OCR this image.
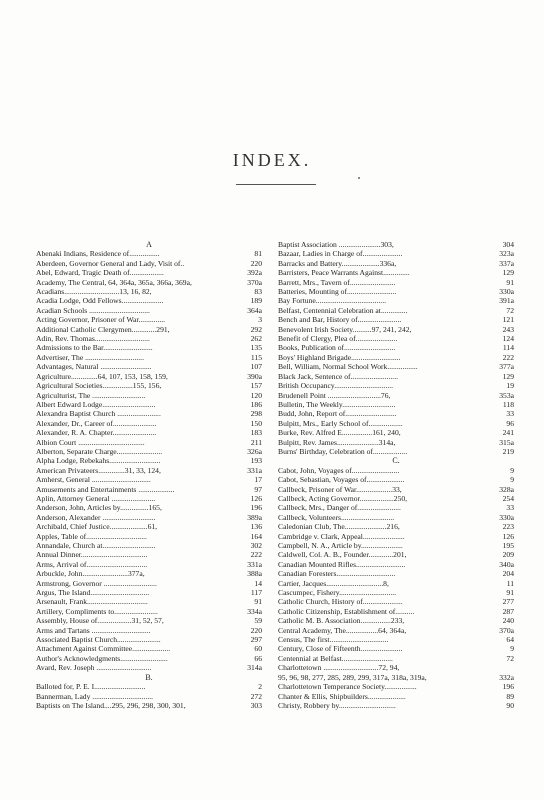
INDEX.
A
Abenaki Indians, Residence of................	81
Aberdeen, Governor General and Lady, Visit of..	220
Abel, Edward, Tragic Death of..................	392a
Academy, The Central, 64, 364a, 365a, 366a, 369a,	370a
Acadians.............................13, 16, 82,	83
Acadia Lodge, Odd Fellows......................	189
Acadian Schools ................................	364a
Acting Governor, Prisoner of War..............	3
Additional Catholic Clergymen.............291,	292
Adin, Rev. Thomas.............................	262
Admissions to the Bar..........................	135
Advertiser, The ...............................	115
Advantages, Natural ...........................	107
Agriculture..............64, 107, 153, 158, 159,	390a
Agricultural Societies................155, 156,	157
Agriculturist, The ............................	120
Albert Edward Lodge............................	186
Alexandra Baptist Church .......................	298
Alexander, Dr., Career of.......................	150
Alexander, R. A. Chapter.......................	183
Albion Court ...................................	211
Alberton, Separate Charge........................	326a
Alpha Lodge, Rebekahs...........................	193
American Privateers..............31, 33, 124,	331a
Amherst, General ...............................	17
Amusements and Entertainments ...................	97
Aplin, Attorney General .......................	126
Anderson, John, Articles by...............165,	196
Anderson, Alexander ............................	389a
Archibald, Chief Justice....................61,	136
Apples, Table of................................	164
Annandale, Church at............................	302
Annual Dinner...................................	222
Arms, Arrival of................................	331a
Arbuckle, John........................377a,	388a
Armstrong, Governor ............................	14
Argus, The Island...............................	117
Arsenault, Frank................................	91
Artillery, Compliments to.......................	334a
Assembly, House of..................31, 52, 57,	59
Arms and Tartans ...............................	220
Associated Baptist Church.......................	297
Attachment Against Committee....................	60
Author's Acknowledgments.........................	66
Avard, Rev. Joseph .............................	314a
B.
Balloted for, P. E. I...........................	2
Bannerman, Lady ................................	272
Baptists on The Island....295, 296, 298, 300, 301,	303
Baptist Association ......................303,	304
Bazaar, Ladies in Charge of.....................	323a
Barracks and Battery....................336a,	337a
Barristers, Peace Warrants Against..............	129
Barrett, Mrs., Tavern of........................	91
Batteries, Mounting of..........................	330a
Bay Fortune.....................................	391a
Belfast, Centennial Celebration at..............	72
Bench and Bar, History of.......................	121
Benevolent Irish Society..........97, 241, 242,	243
Benefit of Clergy, Plea of......................	124
Books, Publication of...........................	114
Boys' Highland Brigade..........................	222
Bell, William, Normal School Work................	377a
Black Jack, Sentence of.........................	129
British Occupancy...............................	19
Brudenell Point ............................76,	353a
Bulletin, The Weekly............................	118
Budd, John, Report of...........................	33
Bulpitt, Mrs., Early School of..................	96
Burke, Rev. Alfred E................161, 240,	241
Bulpitt, Rev. James......................314a,	315a
Burns' Birthday, Celebration of..................	219
C.
Cabot, John, Voyages of.........................	9
Cabot, Sebastian, Voyages of....................	9
Callbeck, Prisoner of War...................33,	328a
Callbeck, Acting Governor..................250,	254
Callbeck, Mrs., Danger of.......................	33
Callbeck, Volunteers............................	330a
Caledonian Club, The......................216,	223
Cambridge v. Clark, Appeal......................	126
Campbell, N. A., Article by......................	195
Caldwell, Col. A. B., Founder.............201,	209
Canadian Mounted Rifles..........................	340a
Canadian Foresters...............................	204
Cartier, Jacques..............................8,	11
Cascumpec, Fishery..............................	91
Catholic Church, History of.....................	277
Catholic Citizenship, Establishment of..........	287
Catholic M. B. Association................233,	240
Central Academy, The.................64, 364a,	370a
Census, The first...............................	64
Century, Close of Fifteenth......................	9
Centennial at Belfast...........................	72
Charlottetown .............................72, 94,
95, 96, 98, 277, 285, 289, 299, 317a, 318a, 319a,	332a
Charlottetown Temperance Society.................	196
Chanter & Ellis, Shipbuilders....................	89
Christy, Robbery by..............................	90
